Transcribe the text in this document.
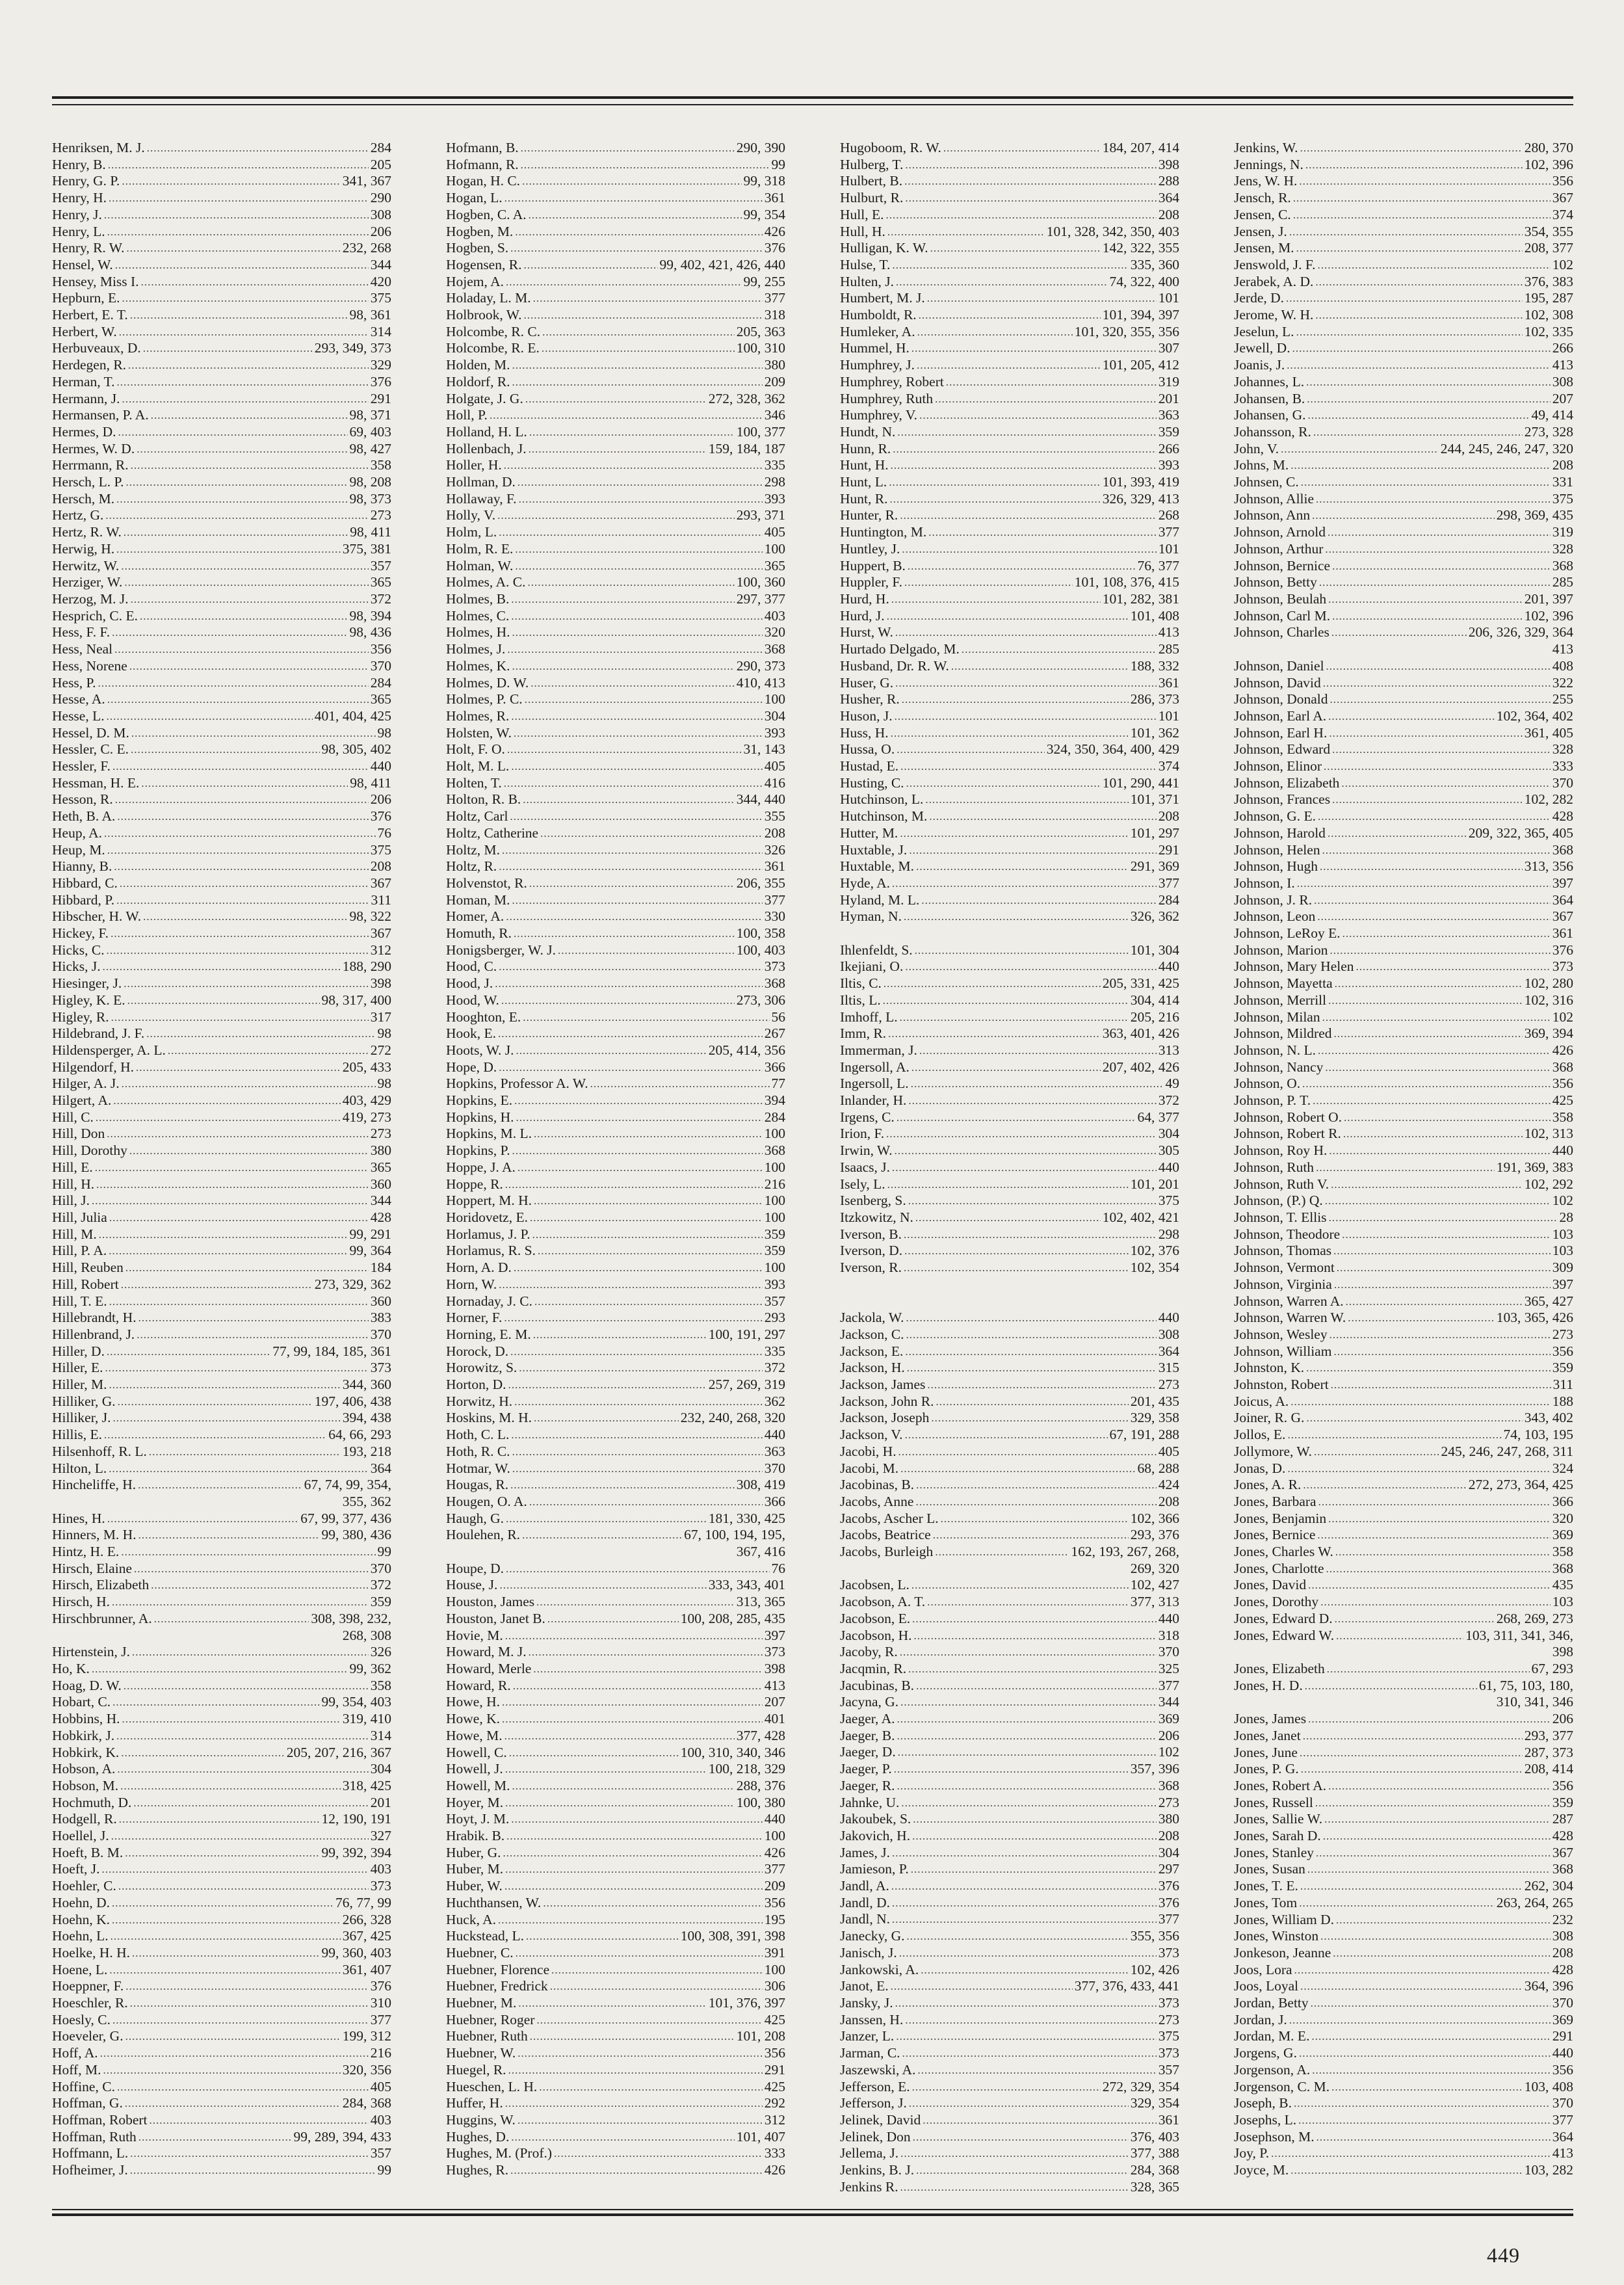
Henriksen, M. J. .....	284
Henry, B. .....	205
Henry, G. P. .....	341, 367
Henry, H. .....	290
Henry, J. .....	308
Henry, L. .....	206
Henry, R. W. .....	232, 268
Hensel, W. .....	344
Hensey, Miss I. .....	420
Hepburn, E. .....	375
Herbert, E. T. .....	98, 361
Herbert, W. .....	314
Herbuveaux, D. .....	293, 349, 373
Herdegen, R. .....	329
Herman, T. .....	376
Hermann, J. .....	291
Hermansen, P. A. .....	98, 371
Hermes, D. .....	69, 403
Hermes, W. D. .....	98, 427
Herrmann, R. .....	358
Hersch, L. P. .....	98, 208
Hersch, M. .....	98, 373
Hertz, G. .....	273
Hertz, R. W. .....	98, 411
Herwig, H. .....	375, 381
Herwitz, W. .....	357
Herziger, W. .....	365
Herzog, M. J. .....	372
Hesprich, C. E. .....	98, 394
Hess, F. F. .....	98, 436
Hess, Neal .....	356
Hess, Norene .....	370
Hess, P. .....	284
Hesse, A. .....	365
Hesse, L. .....	401, 404, 425
Hessel, D. M. .....	98
Hessler, C. E. .....	98, 305, 402
Hessler, F. .....	440
Hessman, H. E. .....	98, 411
Hesson, R. .....	206
Heth, B. A. .....	376
Heup, A. .....	76
Heup, M. .....	375
Hianny, B. .....	208
Hibbard, C. .....	367
Hibbard, P. .....	311
Hibscher, H. W. .....	98, 322
Hickey, F. .....	367
Hicks, C. .....	312
Hicks, J. .....	188, 290
Hiesinger, J. .....	398
Higley, K. E. .....	98, 317, 400
Higley, R. .....	317
Hildebrand, J. F. .....	98
Hildensperger, A. L. .....	272
Hilgendorf, H. .....	205, 433
Hilger, A. J. .....	98
Hilgert, A. .....	403, 429
Hill, C. .....	419, 273
Hill, Don .....	273
Hill, Dorothy .....	380
Hill, E. .....	365
Hill, H. .....	360
Hill, J. .....	344
Hill, Julia .....	428
Hill, M. .....	99, 291
Hill, P. A. .....	99, 364
Hill, Reuben .....	184
Hill, Robert .....	273, 329, 362
Hill, T. E. .....	360
Hillebrandt, H. .....	383
Hillenbrand, J. .....	370
Hiller, D. .....	77, 99, 184, 185, 361
Hiller, E. .....	373
Hiller, M. .....	344, 360
Hilliker, G. .....	197, 406, 438
Hilliker, J. .....	394, 438
Hillis, E. .....	64, 66, 293
Hilsenhoff, R. L. .....	193, 218
Hilton, L. .....	364
Hincheliffe, H. .....	67, 74, 99, 354,
355, 362
Hines, H. .....	67, 99, 377, 436
Hinners, M. H. .....	99, 380, 436
Hintz, H. E. .....	99
Hirsch, Elaine .....	370
Hirsch, Elizabeth .....	372
Hirsch, H. .....	359
Hirschbrunner, A. .....	308, 398, 232,
268, 308
Hirtenstein, J. .....	326
Ho, K. .....	99, 362
Hoag, D. W. .....	358
Hobart, C. .....	99, 354, 403
Hobbins, H. .....	319, 410
Hobkirk, J. .....	314
Hobkirk, K. .....	205, 207, 216, 367
Hobson, A. .....	304
Hobson, M. .....	318, 425
Hochmuth, D. .....	201
Hodgell, R. .....	12, 190, 191
Hoellel, J. .....	327
Hoeft, B. M. .....	99, 392, 394
Hoeft, J. .....	403
Hoehler, C. .....	373
Hoehn, D. .....	76, 77, 99
Hoehn, K. .....	266, 328
Hoehn, L. .....	367, 425
Hoelke, H. H. .....	99, 360, 403
Hoene, L. .....	361, 407
Hoeppner, F. .....	376
Hoeschler, R. .....	310
Hoesly, C. .....	377
Hoeveler, G. .....	199, 312
Hoff, A. .....	216
Hoff, M. .....	320, 356
Hoffine, C. .....	405
Hoffman, G. .....	284, 368
Hoffman, Robert .....	403
Hoffman, Ruth .....	99, 289, 394, 433
Hoffmann, L. .....	357
Hofheimer, J. .....	99
Hofmann, B. .....	290, 390
Hofmann, R. .....	99
Hogan, H. C. .....	99, 318
Hogan, L. .....	361
Hogben, C. A. .....	99, 354
Hogben, M. .....	426
Hogben, S. .....	376
Hogensen, R. .....	99, 402, 421, 426, 440
Hojem, A. .....	99, 255
Holaday, L. M. .....	377
Holbrook, W. .....	318
Holcombe, R. C. .....	205, 363
Holcombe, R. E. .....	100, 310
Holden, M. .....	380
Holdorf, R. .....	209
Holgate, J. G. .....	272, 328, 362
Holl, P. .....	346
Holland, H. L. .....	100, 377
Hollenbach, J. .....	159, 184, 187
Holler, H. .....	335
Hollman, D. .....	298
Hollaway, F. .....	393
Holly, V. .....	293, 371
Holm, L. .....	405
Holm, R. E. .....	100
Holman, W. .....	365
Holmes, A. C. .....	100, 360
Holmes, B. .....	297, 377
Holmes, C. .....	403
Holmes, H. .....	320
Holmes, J. .....	368
Holmes, K. .....	290, 373
Holmes, D. W. .....	410, 413
Holmes, P. C. .....	100
Holmes, R. .....	304
Holsten, W. .....	393
Holt, F. O. .....	31, 143
Holt, M. L. .....	405
Holten, T. .....	416
Holton, R. B. .....	344, 440
Holtz, Carl .....	355
Holtz, Catherine .....	208
Holtz, M. .....	326
Holtz, R. .....	361
Holvenstot, R. .....	206, 355
Homan, M. .....	377
Homer, A. .....	330
Homuth, R. .....	100, 358
Honigsberger, W. J. .....	100, 403
Hood, C. .....	373
Hood, J. .....	368
Hood, W. .....	273, 306
Hooghton, E. .....	56
Hook, E. .....	267
Hoots, W. J. .....	205, 414, 356
Hope, D. .....	366
Hopkins, Professor A. W. .....	77
Hopkins, E. .....	394
Hopkins, H. .....	284
Hopkins, M. L. .....	100
Hopkins, P. .....	368
Hoppe, J. A. .....	100
Hoppe, R. .....	216
Hoppert, M. H. .....	100
Horidovetz, E. .....	100
Horlamus, J. P. .....	359
Horlamus, R. S. .....	359
Horn, A. D. .....	100
Horn, W. .....	393
Hornaday, J. C. .....	357
Horner, F. .....	293
Horning, E. M. .....	100, 191, 297
Horock, D. .....	335
Horowitz, S. .....	372
Horton, D. .....	257, 269, 319
Horwitz, H. .....	362
Hoskins, M. H. .....	232, 240, 268, 320
Hoth, C. L. .....	440
Hoth, R. C. .....	363
Hotmar, W. .....	370
Hougas, R. .....	308, 419
Hougen, O. A. .....	366
Haugh, G. .....	181, 330, 425
Houlehen, R. .....	67, 100, 194, 195,
367, 416
Houpe, D. .....	76
House, J. .....	333, 343, 401
Houston, James .....	313, 365
Houston, Janet B. .....	100, 208, 285, 435
Hovie, M. .....	397
Howard, M. J. .....	373
Howard, Merle .....	398
Howard, R. .....	413
Howe, H. .....	207
Howe, K. .....	401
Howe, M. .....	377, 428
Howell, C. .....	100, 310, 340, 346
Howell, J. .....	100, 218, 329
Howell, M. .....	288, 376
Hoyer, M. .....	100, 380
Hoyt, J. M. .....	440
Hrabik. B. .....	100
Huber, G. .....	426
Huber, M. .....	377
Huber, W. .....	209
Huchthansen, W. .....	356
Huck, A. .....	195
Huckstead, L. .....	100, 308, 391, 398
Huebner, C. .....	391
Huebner, Florence .....	100
Huebner, Fredrick .....	306
Huebner, M. .....	101, 376, 397
Huebner, Roger .....	425
Huebner, Ruth .....	101, 208
Huebner, W. .....	356
Huegel, R. .....	291
Hueschen, L. H. .....	425
Huffer, H. .....	292
Huggins, W. .....	312
Hughes, D. .....	101, 407
Hughes, M. (Prof.) .....	333
Hughes, R. .....	426
Hugoboom, R. W. .....	184, 207, 414
Hulberg, T. .....	398
Hulbert, B. .....	288
Hulburt, R. .....	364
Hull, E. .....	208
Hull, H. .....	101, 328, 342, 350, 403
Hulligan, K. W. .....	142, 322, 355
Hulse, T. .....	335, 360
Hulten, J. .....	74, 322, 400
Humbert, M. J. .....	101
Humboldt, R. .....	101, 394, 397
Humleker, A. .....	101, 320, 355, 356
Hummel, H. .....	307
Humphrey, J. .....	101, 205, 412
Humphrey, Robert .....	319
Humphrey, Ruth .....	201
Humphrey, V. .....	363
Hundt, N. .....	359
Hunn, R. .....	266
Hunt, H. .....	393
Hunt, L. .....	101, 393, 419
Hunt, R. .....	326, 329, 413
Hunter, R. .....	268
Huntington, M. .....	377
Huntley, J. .....	101
Huppert, B. .....	76, 377
Huppler, F. .....	101, 108, 376, 415
Hurd, H. .....	101, 282, 381
Hurd, J. .....	101, 408
Hurst, W. .....	413
Hurtado Delgado, M. .....	285
Husband, Dr. R. W. .....	188, 332
Huser, G. .....	361
Husher, R. .....	286, 373
Huson, J. .....	101
Huss, H. .....	101, 362
Hussa, O. .....	324, 350, 364, 400, 429
Hustad, E. .....	374
Husting, C. .....	101, 290, 441
Hutchinson, L. .....	101, 371
Hutchinson, M. .....	208
Hutter, M. .....	101, 297
Huxtable, J. .....	291
Huxtable, M. .....	291, 369
Hyde, A. .....	377
Hyland, M. L. .....	284
Hyman, N. .....	326, 362
Ihlenfeldt, S. .....	101, 304
Ikejiani, O. .....	440
Iltis, C. .....	205, 331, 425
Iltis, L. .....	304, 414
Imhoff, L. .....	205, 216
Imm, R. .....	363, 401, 426
Immerman, J. .....	313
Ingersoll, A. .....	207, 402, 426
Ingersoll, L. .....	49
Inlander, H. .....	372
Irgens, C. .....	64, 377
Irion, F. .....	304
Irwin, W. .....	305
Isaacs, J. .....	440
Isely, L. .....	101, 201
Isenberg, S. .....	375
Itzkowitz, N. .....	102, 402, 421
Iverson, B. .....	298
Iverson, D. .....	102, 376
Iverson, R. .....	102, 354
Jackola, W. .....	440
Jackson, C. .....	308
Jackson, E. .....	364
Jackson, H. .....	315
Jackson, James .....	273
Jackson, John R. .....	201, 435
Jackson, Joseph .....	329, 358
Jackson, V. .....	67, 191, 288
Jacobi, H. .....	405
Jacobi, M. .....	68, 288
Jacobinas, B. .....	424
Jacobs, Anne .....	208
Jacobs, Ascher L. .....	102, 366
Jacobs, Beatrice .....	293, 376
Jacobs, Burleigh .....	162, 193, 267, 268,
269, 320
Jacobsen, L. .....	102, 427
Jacobson, A. T. .....	377, 313
Jacobson, E. .....	440
Jacobson, H. .....	318
Jacoby, R. .....	370
Jacqmin, R. .....	325
Jacubinas, B. .....	377
Jacyna, G. .....	344
Jaeger, A. .....	369
Jaeger, B. .....	206
Jaeger, D. .....	102
Jaeger, P. .....	357, 396
Jaeger, R. .....	368
Jahnke, U. .....	273
Jakoubek, S. .....	380
Jakovich, H. .....	208
James, J. .....	304
Jamieson, P. .....	297
Jandl, A. .....	376
Jandl, D. .....	376
Jandl, N. .....	377
Janecky, G. .....	355, 356
Janisch, J. .....	373
Jankowski, A. .....	102, 426
Janot, E. .....	377, 376, 433, 441
Jansky, J. .....	373
Janssen, H. .....	273
Janzer, L. .....	375
Jarman, C. .....	373
Jaszewski, A. .....	357
Jefferson, E. .....	272, 329, 354
Jefferson, J. .....	329, 354
Jelinek, David .....	361
Jelinek, Don .....	376, 403
Jellema, J. .....	377, 388
Jenkins, B. J. .....	284, 368
Jenkins R. .....	328, 365
Jenkins, W. .....	280, 370
Jennings, N. .....	102, 396
Jens, W. H. .....	356
Jensch, R. .....	367
Jensen, C. .....	374
Jensen, J. .....	354, 355
Jensen, M. .....	208, 377
Jenswold, J. F. .....	102
Jerabek, A. D. .....	376, 383
Jerde, D. .....	195, 287
Jerome, W. H. .....	102, 308
Jeselun, L. .....	102, 335
Jewell, D. .....	266
Joanis, J. .....	413
Johannes, L. .....	308
Johansen, B. .....	207
Johansen, G. .....	49, 414
Johansson, R. .....	273, 328
John, V. .....	244, 245, 246, 247, 320
Johns, M. .....	208
Johnsen, C. .....	331
Johnson, Allie .....	375
Johnson, Ann .....	298, 369, 435
Johnson, Arnold .....	319
Johnson, Arthur .....	328
Johnson, Bernice .....	368
Johnson, Betty .....	285
Johnson, Beulah .....	201, 397
Johnson, Carl M. .....	102, 396
Johnson, Charles .....	206, 326, 329, 364
413
Johnson, Daniel .....	408
Johnson, David .....	322
Johnson, Donald .....	255
Johnson, Earl A. .....	102, 364, 402
Johnson, Earl H. .....	361, 405
Johnson, Edward .....	328
Johnson, Elinor .....	333
Johnson, Elizabeth .....	370
Johnson, Frances .....	102, 282
Johnson, G. E. .....	428
Johnson, Harold .....	209, 322, 365, 405
Johnson, Helen .....	368
Johnson, Hugh .....	313, 356
Johnson, I. .....	397
Johnson, J. R. .....	364
Johnson, Leon .....	367
Johnson, LeRoy E. .....	361
Johnson, Marion .....	376
Johnson, Mary Helen .....	373
Johnson, Mayetta .....	102, 280
Johnson, Merrill .....	102, 316
Johnson, Milan .....	102
Johnson, Mildred .....	369, 394
Johnson, N. L. .....	426
Johnson, Nancy .....	368
Johnson, O. .....	356
Johnson, P. T. .....	425
Johnson, Robert O. .....	358
Johnson, Robert R. .....	102, 313
Johnson, Roy H. .....	440
Johnson, Ruth .....	191, 369, 383
Johnson, Ruth V. .....	102, 292
Johnson, (P.) Q. .....	102
Johnson, T. Ellis .....	28
Johnson, Theodore .....	103
Johnson, Thomas .....	103
Johnson, Vermont .....	309
Johnson, Virginia .....	397
Johnson, Warren A. .....	365, 427
Johnson, Warren W. .....	103, 365, 426
Johnson, Wesley .....	273
Johnson, William .....	356
Johnston, K. .....	359
Johnston, Robert .....	311
Joicus, A. .....	188
Joiner, R. G. .....	343, 402
Jollos, E. .....	74, 103, 195
Jollymore, W. .....	245, 246, 247, 268, 311
Jonas, D. .....	324
Jones, A. R. .....	272, 273, 364, 425
Jones, Barbara .....	366
Jones, Benjamin .....	320
Jones, Bernice .....	369
Jones, Charles W. .....	358
Jones, Charlotte .....	368
Jones, David .....	435
Jones, Dorothy .....	103
Jones, Edward D. .....	268, 269, 273
Jones, Edward W. .....	103, 311, 341, 346,
398
Jones, Elizabeth .....	67, 293
Jones, H. D. .....	61, 75, 103, 180,
310, 341, 346
Jones, James .....	206
Jones, Janet .....	293, 377
Jones, June .....	287, 373
Jones, P. G. .....	208, 414
Jones, Robert A. .....	356
Jones, Russell .....	359
Jones, Sallie W. .....	287
Jones, Sarah D. .....	428
Jones, Stanley .....	367
Jones, Susan .....	368
Jones, T. E. .....	262, 304
Jones, Tom .....	263, 264, 265
Jones, William D. .....	232
Jones, Winston .....	308
Jonkeson, Jeanne .....	208
Joos, Lora .....	428
Joos, Loyal .....	364, 396
Jordan, Betty .....	370
Jordan, J. .....	369
Jordan, M. E. .....	291
Jorgens, G. .....	440
Jorgenson, A. .....	356
Jorgenson, C. M. .....	103, 408
Joseph, B. .....	370
Josephs, L. .....	377
Josephson, M. .....	364
Joy, P. .....	413
Joyce, M. .....	103, 282
449
